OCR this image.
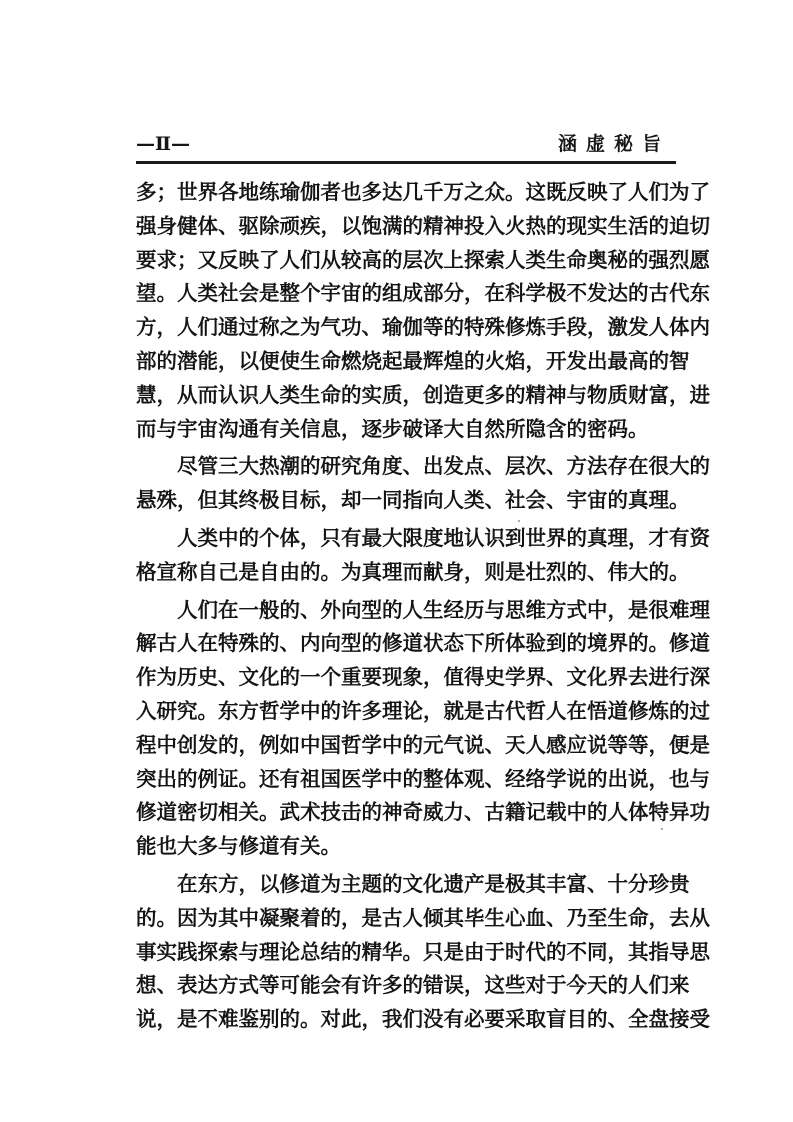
—Ⅱ—	涵虚秘旨
多；世界各地练瑜伽者也多达几千万之众。这既反映了人们为了
强身健体、驱除顽疾，以饱满的精神投入火热的现实生活的迫切
要求；又反映了人们从较高的层次上探索人类生命奥秘的强烈愿
望。人类社会是整个宇宙的组成部分，在科学极不发达的古代东
方，人们通过称之为气功、瑜伽等的特殊修炼手段，激发人体内
部的潜能，以便使生命燃烧起最辉煌的火焰，开发出最高的智
慧，从而认识人类生命的实质，创造更多的精神与物质财富，进
而与宇宙沟通有关信息，逐步破译大自然所隐含的密码。
　　尽管三大热潮的研究角度、出发点、层次、方法存在很大的
悬殊，但其终极目标，却一同指向人类、社会、宇宙的真理。
　　人类中的个体，只有最大限度地认识到世界的真理，才有资
格宣称自己是自由的。为真理而献身，则是壮烈的、伟大的。
　　人们在一般的、外向型的人生经历与思维方式中，是很难理
解古人在特殊的、内向型的修道状态下所体验到的境界的。修道
作为历史、文化的一个重要现象，值得史学界、文化界去进行深
入研究。东方哲学中的许多理论，就是古代哲人在悟道修炼的过
程中创发的，例如中国哲学中的元气说、天人感应说等等，便是
突出的例证。还有祖国医学中的整体观、经络学说的出说，也与
修道密切相关。武术技击的神奇威力、古籍记载中的人体特异功
能也大多与修道有关。
　　在东方，以修道为主题的文化遗产是极其丰富、十分珍贵
的。因为其中凝聚着的，是古人倾其毕生心血、乃至生命，去从
事实践探索与理论总结的精华。只是由于时代的不同，其指导思
想、表达方式等可能会有许多的错误，这些对于今天的人们来
说，是不难鉴别的。对此，我们没有必要采取盲目的、全盘接受
